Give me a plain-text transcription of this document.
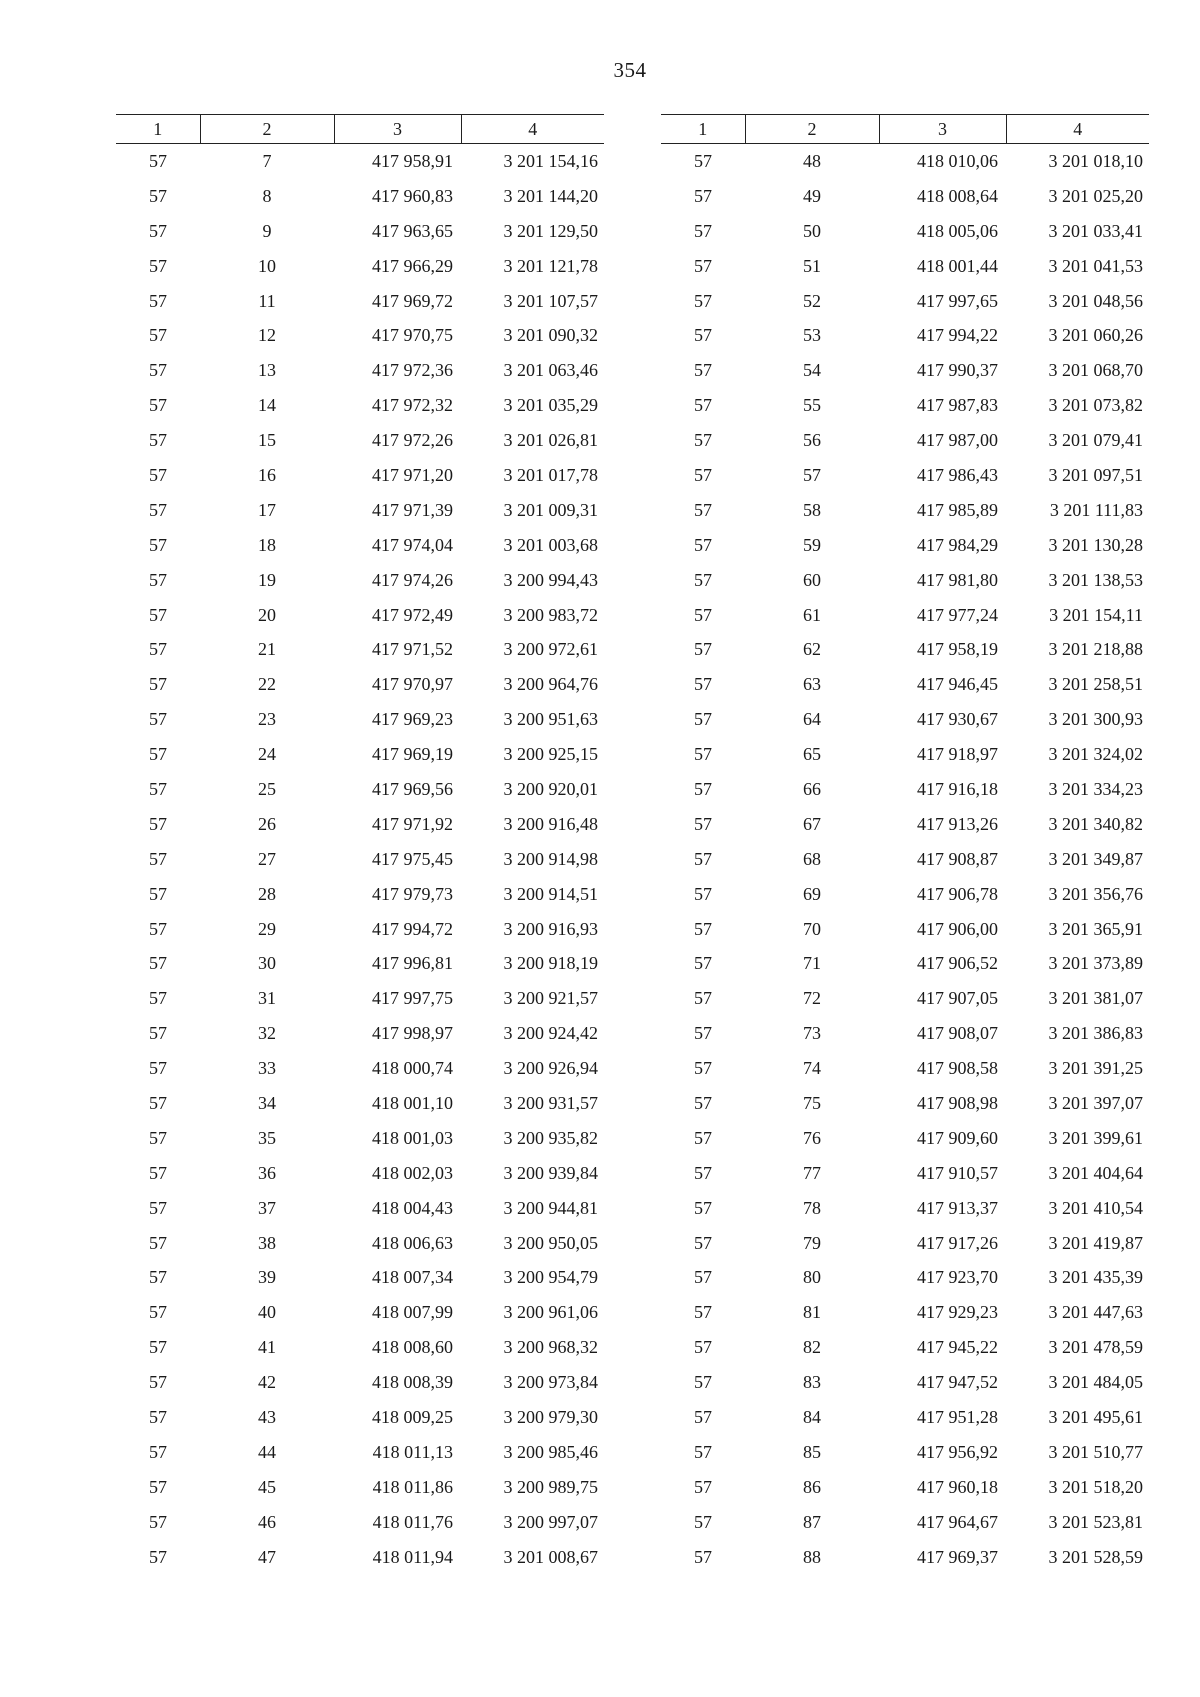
354
1	2	3	4
57	7	417 958,91	3 201 154,16
57	8	417 960,83	3 201 144,20
57	9	417 963,65	3 201 129,50
57	10	417 966,29	3 201 121,78
57	11	417 969,72	3 201 107,57
57	12	417 970,75	3 201 090,32
57	13	417 972,36	3 201 063,46
57	14	417 972,32	3 201 035,29
57	15	417 972,26	3 201 026,81
57	16	417 971,20	3 201 017,78
57	17	417 971,39	3 201 009,31
57	18	417 974,04	3 201 003,68
57	19	417 974,26	3 200 994,43
57	20	417 972,49	3 200 983,72
57	21	417 971,52	3 200 972,61
57	22	417 970,97	3 200 964,76
57	23	417 969,23	3 200 951,63
57	24	417 969,19	3 200 925,15
57	25	417 969,56	3 200 920,01
57	26	417 971,92	3 200 916,48
57	27	417 975,45	3 200 914,98
57	28	417 979,73	3 200 914,51
57	29	417 994,72	3 200 916,93
57	30	417 996,81	3 200 918,19
57	31	417 997,75	3 200 921,57
57	32	417 998,97	3 200 924,42
57	33	418 000,74	3 200 926,94
57	34	418 001,10	3 200 931,57
57	35	418 001,03	3 200 935,82
57	36	418 002,03	3 200 939,84
57	37	418 004,43	3 200 944,81
57	38	418 006,63	3 200 950,05
57	39	418 007,34	3 200 954,79
57	40	418 007,99	3 200 961,06
57	41	418 008,60	3 200 968,32
57	42	418 008,39	3 200 973,84
57	43	418 009,25	3 200 979,30
57	44	418 011,13	3 200 985,46
57	45	418 011,86	3 200 989,75
57	46	418 011,76	3 200 997,07
57	47	418 011,94	3 201 008,67
1	2	3	4
57	48	418 010,06	3 201 018,10
57	49	418 008,64	3 201 025,20
57	50	418 005,06	3 201 033,41
57	51	418 001,44	3 201 041,53
57	52	417 997,65	3 201 048,56
57	53	417 994,22	3 201 060,26
57	54	417 990,37	3 201 068,70
57	55	417 987,83	3 201 073,82
57	56	417 987,00	3 201 079,41
57	57	417 986,43	3 201 097,51
57	58	417 985,89	3 201 111,83
57	59	417 984,29	3 201 130,28
57	60	417 981,80	3 201 138,53
57	61	417 977,24	3 201 154,11
57	62	417 958,19	3 201 218,88
57	63	417 946,45	3 201 258,51
57	64	417 930,67	3 201 300,93
57	65	417 918,97	3 201 324,02
57	66	417 916,18	3 201 334,23
57	67	417 913,26	3 201 340,82
57	68	417 908,87	3 201 349,87
57	69	417 906,78	3 201 356,76
57	70	417 906,00	3 201 365,91
57	71	417 906,52	3 201 373,89
57	72	417 907,05	3 201 381,07
57	73	417 908,07	3 201 386,83
57	74	417 908,58	3 201 391,25
57	75	417 908,98	3 201 397,07
57	76	417 909,60	3 201 399,61
57	77	417 910,57	3 201 404,64
57	78	417 913,37	3 201 410,54
57	79	417 917,26	3 201 419,87
57	80	417 923,70	3 201 435,39
57	81	417 929,23	3 201 447,63
57	82	417 945,22	3 201 478,59
57	83	417 947,52	3 201 484,05
57	84	417 951,28	3 201 495,61
57	85	417 956,92	3 201 510,77
57	86	417 960,18	3 201 518,20
57	87	417 964,67	3 201 523,81
57	88	417 969,37	3 201 528,59
